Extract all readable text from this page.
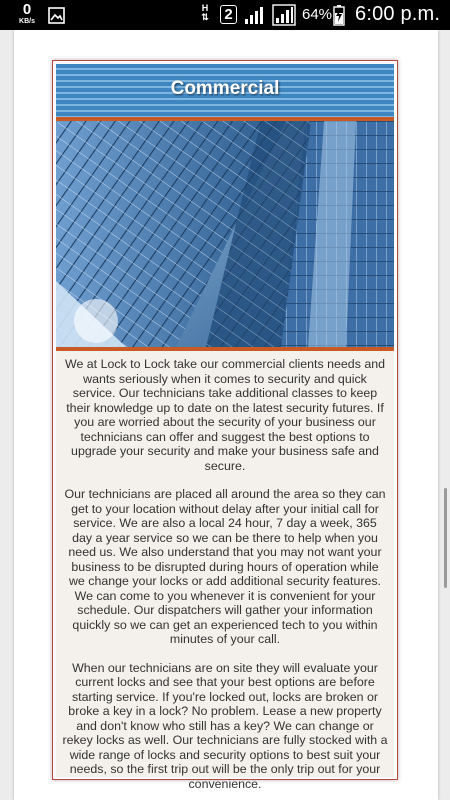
0
KB/s
H
⇅ 2	64% 6:00 p.m.
Commercial

We at Lock to Lock take our commercial clients needs and wants seriously when it comes to security and quick service. Our technicians take additional classes to keep their knowledge up to date on the latest security futures. If you are worried about the security of your business our technicians can offer and suggest the best options to upgrade your security and make your business safe and secure.

Our technicians are placed all around the area so they can get to your location without delay after your initial call for service. We are also a local 24 hour, 7 day a week, 365 day a year service so we can be there to help when you need us. We also understand that you may not want your business to be disrupted during hours of operation while we change your locks or add additional security features. We can come to you whenever it is convenient for your schedule. Our dispatchers will gather your information quickly so we can get an experienced tech to you within minutes of your call.

When our technicians are on site they will evaluate your current locks and see that your best options are before starting service. If you're locked out, locks are broken or broke a key in a lock? No problem. Lease a new property and don't know who still has a key? We can change or rekey locks as well. Our technicians are fully stocked with a wide range of locks and security options to best suit your needs, so the first trip out will be the only trip out for your convenience.
